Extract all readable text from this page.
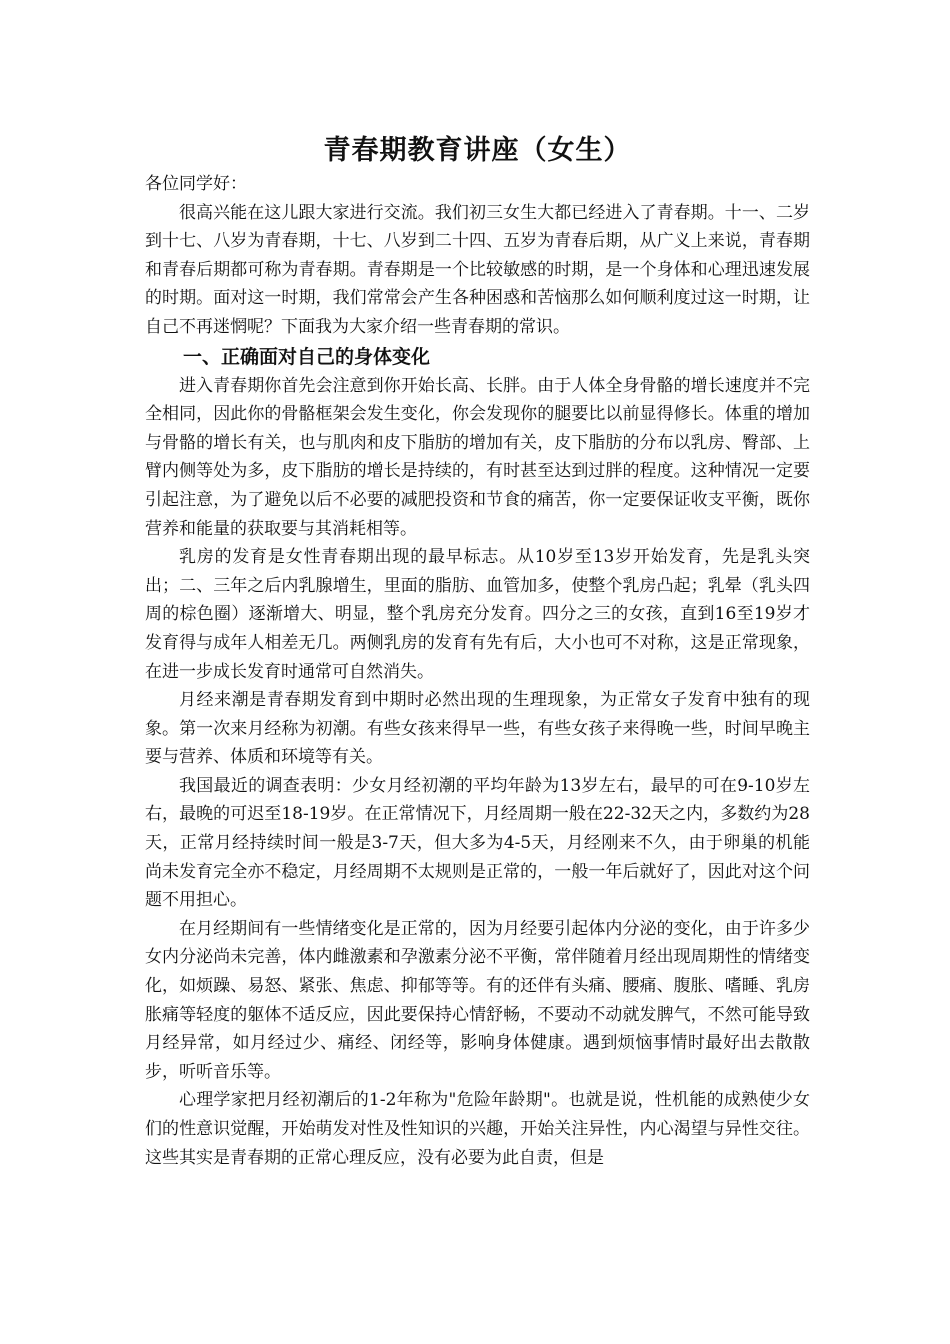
青春期教育讲座（女生）

各位同学好：

很高兴能在这儿跟大家进行交流。我们初三女生大都已经进入了青春期。十一、二岁到十七、八岁为青春期，十七、八岁到二十四、五岁为青春后期，从广义上来说，青春期和青春后期都可称为青春期。青春期是一个比较敏感的时期，是一个身体和心理迅速发展的时期。面对这一时期，我们常常会产生各种困惑和苦恼那么如何顺利度过这一时期，让自己不再迷惘呢？下面我为大家介绍一些青春期的常识。

一、正确面对自己的身体变化

进入青春期你首先会注意到你开始长高、长胖。由于人体全身骨骼的增长速度并不完全相同，因此你的骨骼框架会发生变化，你会发现你的腿要比以前显得修长。体重的增加与骨骼的增长有关，也与肌肉和皮下脂肪的增加有关，皮下脂肪的分布以乳房、臀部、上臂内侧等处为多，皮下脂肪的增长是持续的，有时甚至达到过胖的程度。这种情况一定要引起注意，为了避免以后不必要的减肥投资和节食的痛苦，你一定要保证收支平衡，既你营养和能量的获取要与其消耗相等。

乳房的发育是女性青春期出现的最早标志。从10岁至13岁开始发育，先是乳头突出；二、三年之后内乳腺增生，里面的脂肪、血管加多，使整个乳房凸起；乳晕（乳头四周的棕色圈）逐渐增大、明显，整个乳房充分发育。四分之三的女孩，直到16至19岁才发育得与成年人相差无几。两侧乳房的发育有先有后，大小也可不对称，这是正常现象，在进一步成长发育时通常可自然消失。

月经来潮是青春期发育到中期时必然出现的生理现象，为正常女子发育中独有的现象。第一次来月经称为初潮。有些女孩来得早一些，有些女孩子来得晚一些，时间早晚主要与营养、体质和环境等有关。

我国最近的调查表明：少女月经初潮的平均年龄为13岁左右，最早的可在9-10岁左右，最晚的可迟至18-19岁。在正常情况下，月经周期一般在22-32天之内，多数约为28天，正常月经持续时间一般是3-7天，但大多为4-5天，月经刚来不久，由于卵巢的机能尚未发育完全亦不稳定，月经周期不太规则是正常的，一般一年后就好了，因此对这个问题不用担心。

在月经期间有一些情绪变化是正常的，因为月经要引起体内分泌的变化，由于许多少女内分泌尚未完善，体内雌激素和孕激素分泌不平衡，常伴随着月经出现周期性的情绪变化，如烦躁、易怒、紧张、焦虑、抑郁等等。有的还伴有头痛、腰痛、腹胀、嗜睡、乳房胀痛等轻度的躯体不适反应，因此要保持心情舒畅，不要动不动就发脾气，不然可能导致月经异常，如月经过少、痛经、闭经等，影响身体健康。遇到烦恼事情时最好出去散散步，听听音乐等。

心理学家把月经初潮后的1-2年称为"危险年龄期"。也就是说，性机能的成熟使少女们的性意识觉醒，开始萌发对性及性知识的兴趣，开始关注异性，内心渴望与异性交往。这些其实是青春期的正常心理反应，没有必要为此自责，但是
